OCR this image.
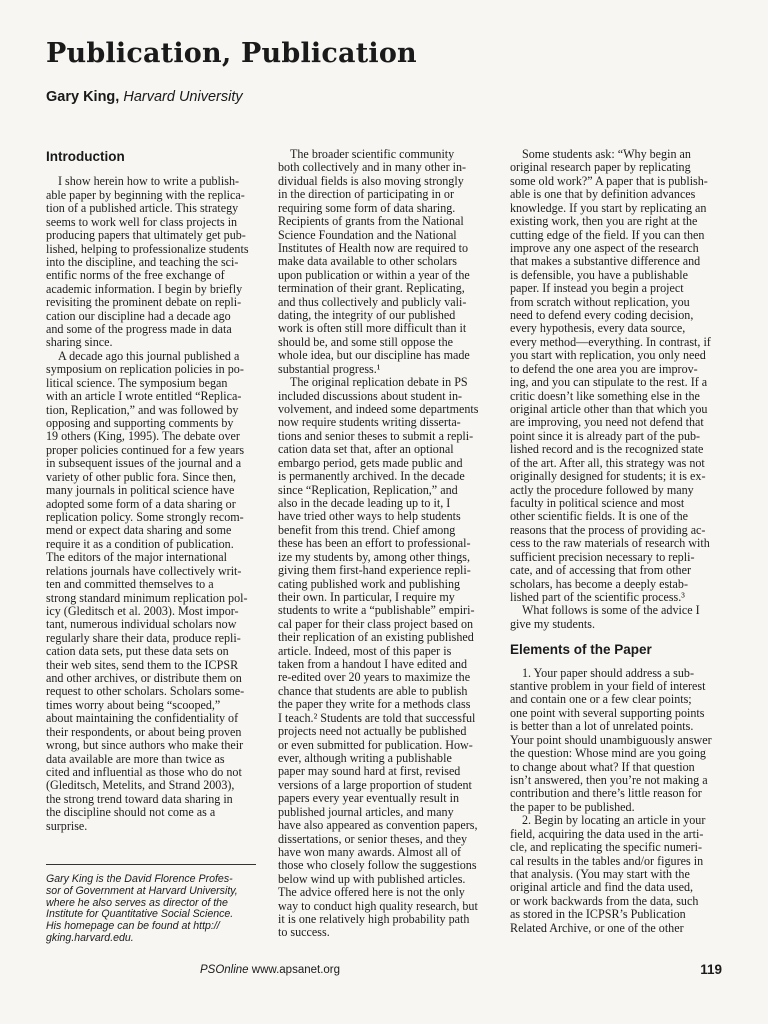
Publication, Publication
Gary King, Harvard University
Introduction
I show herein how to write a publish-
able paper by beginning with the replica-
tion of a published article. This strategy
seems to work well for class projects in
producing papers that ultimately get pub-
lished, helping to professionalize students
into the discipline, and teaching the sci-
entific norms of the free exchange of
academic information. I begin by briefly
revisiting the prominent debate on repli-
cation our discipline had a decade ago
and some of the progress made in data
sharing since.
A decade ago this journal published a
symposium on replication policies in po-
litical science. The symposium began
with an article I wrote entitled “Replica-
tion, Replication,” and was followed by
opposing and supporting comments by
19 others (King, 1995). The debate over
proper policies continued for a few years
in subsequent issues of the journal and a
variety of other public fora. Since then,
many journals in political science have
adopted some form of a data sharing or
replication policy. Some strongly recom-
mend or expect data sharing and some
require it as a condition of publication.
The editors of the major international
relations journals have collectively writ-
ten and committed themselves to a
strong standard minimum replication pol-
icy (Gleditsch et al. 2003). Most impor-
tant, numerous individual scholars now
regularly share their data, produce repli-
cation data sets, put these data sets on
their web sites, send them to the ICPSR
and other archives, or distribute them on
request to other scholars. Scholars some-
times worry about being “scooped,”
about maintaining the confidentiality of
their respondents, or about being proven
wrong, but since authors who make their
data available are more than twice as
cited and influential as those who do not
(Gleditsch, Metelits, and Strand 2003),
the strong trend toward data sharing in
the discipline should not come as a
surprise.
Gary King is the David Florence Profes-
sor of Government at Harvard University,
where he also serves as director of the
Institute for Quantitative Social Science.
His homepage can be found at http://
gking.harvard.edu.
The broader scientific community
both collectively and in many other in-
dividual fields is also moving strongly
in the direction of participating in or
requiring some form of data sharing.
Recipients of grants from the National
Science Foundation and the National
Institutes of Health now are required to
make data available to other scholars
upon publication or within a year of the
termination of their grant. Replicating,
and thus collectively and publicly vali-
dating, the integrity of our published
work is often still more difficult than it
should be, and some still oppose the
whole idea, but our discipline has made
substantial progress.¹
The original replication debate in PS
included discussions about student in-
volvement, and indeed some departments
now require students writing disserta-
tions and senior theses to submit a repli-
cation data set that, after an optional
embargo period, gets made public and
is permanently archived. In the decade
since “Replication, Replication,” and
also in the decade leading up to it, I
have tried other ways to help students
benefit from this trend. Chief among
these has been an effort to professional-
ize my students by, among other things,
giving them first-hand experience repli-
cating published work and publishing
their own. In particular, I require my
students to write a “publishable” empiri-
cal paper for their class project based on
their replication of an existing published
article. Indeed, most of this paper is
taken from a handout I have edited and
re-edited over 20 years to maximize the
chance that students are able to publish
the paper they write for a methods class
I teach.² Students are told that successful
projects need not actually be published
or even submitted for publication. How-
ever, although writing a publishable
paper may sound hard at first, revised
versions of a large proportion of student
papers every year eventually result in
published journal articles, and many
have also appeared as convention papers,
dissertations, or senior theses, and they
have won many awards. Almost all of
those who closely follow the suggestions
below wind up with published articles.
The advice offered here is not the only
way to conduct high quality research, but
it is one relatively high probability path
to success.
Some students ask: “Why begin an
original research paper by replicating
some old work?” A paper that is publish-
able is one that by definition advances
knowledge. If you start by replicating an
existing work, then you are right at the
cutting edge of the field. If you can then
improve any one aspect of the research
that makes a substantive difference and
is defensible, you have a publishable
paper. If instead you begin a project
from scratch without replication, you
need to defend every coding decision,
every hypothesis, every data source,
every method—everything. In contrast, if
you start with replication, you only need
to defend the one area you are improv-
ing, and you can stipulate to the rest. If a
critic doesn’t like something else in the
original article other than that which you
are improving, you need not defend that
point since it is already part of the pub-
lished record and is the recognized state
of the art. After all, this strategy was not
originally designed for students; it is ex-
actly the procedure followed by many
faculty in political science and most
other scientific fields. It is one of the
reasons that the process of providing ac-
cess to the raw materials of research with
sufficient precision necessary to repli-
cate, and of accessing that from other
scholars, has become a deeply estab-
lished part of the scientific process.³
What follows is some of the advice I
give my students.
Elements of the Paper
1. Your paper should address a sub-
stantive problem in your field of interest
and contain one or a few clear points;
one point with several supporting points
is better than a lot of unrelated points.
Your point should unambiguously answer
the question: Whose mind are you going
to change about what? If that question
isn’t answered, then you’re not making a
contribution and there’s little reason for
the paper to be published.
2. Begin by locating an article in your
field, acquiring the data used in the arti-
cle, and replicating the specific numeri-
cal results in the tables and/or figures in
that analysis. (You may start with the
original article and find the data used,
or work backwards from the data, such
as stored in the ICPSR’s Publication
Related Archive, or one of the other
PSOnline www.apsanet.org	119
